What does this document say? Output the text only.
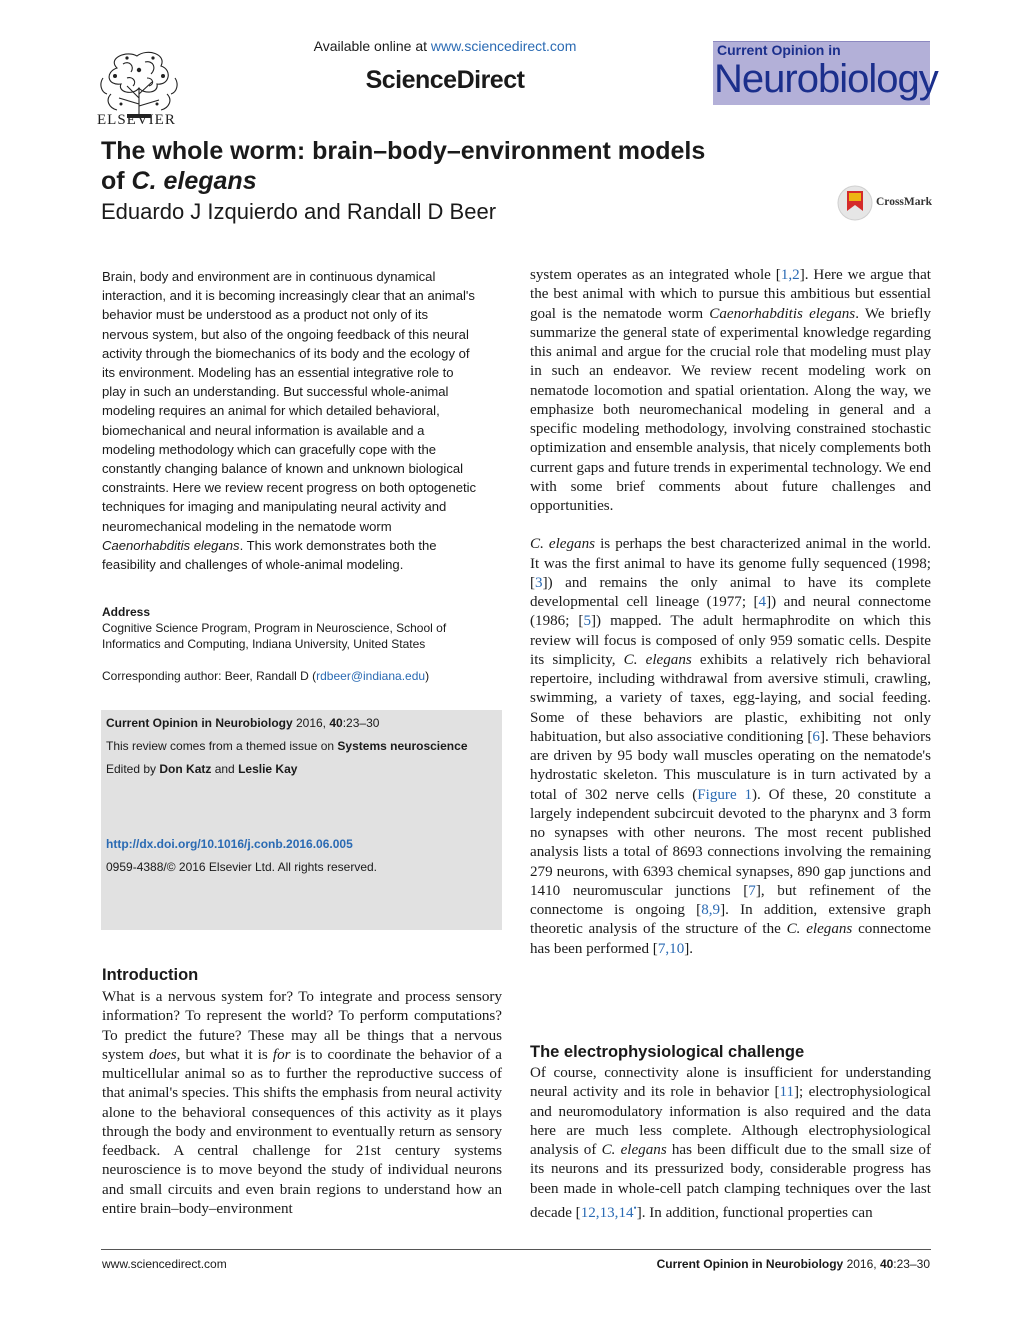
ELSEVIER
Available online at www.sciencedirect.com
ScienceDirect
Current Opinion in
Neurobiology
The whole worm: brain–body–environment models
of C. elegans
Eduardo J Izquierdo and Randall D Beer	CrossMark
Brain, body and environment are in continuous dynamical interaction, and it is becoming increasingly clear that an animal's behavior must be understood as a product not only of its nervous system, but also of the ongoing feedback of this neural activity through the biomechanics of its body and the ecology of its environment. Modeling has an essential integrative role to play in such an understanding. But successful whole-animal modeling requires an animal for which detailed behavioral, biomechanical and neural information is available and a modeling methodology which can gracefully cope with the constantly changing balance of known and unknown biological constraints. Here we review recent progress on both optogenetic techniques for imaging and manipulating neural activity and neuromechanical modeling in the nematode worm Caenorhabditis elegans. This work demonstrates both the feasibility and challenges of whole-animal modeling.
Address
Cognitive Science Program, Program in Neuroscience, School of Informatics and Computing, Indiana University, United States
Corresponding author: Beer, Randall D (rdbeer@indiana.edu)
Current Opinion in Neurobiology 2016, 40:23–30
This review comes from a themed issue on Systems neuroscience
Edited by Don Katz and Leslie Kay
http://dx.doi.org/10.1016/j.conb.2016.06.005
0959-4388/© 2016 Elsevier Ltd. All rights reserved.
Introduction
What is a nervous system for? To integrate and process sensory information? To represent the world? To perform computations? To predict the future? These may all be things that a nervous system does, but what it is for is to coordinate the behavior of a multicellular animal so as to further the reproductive success of that animal's species. This shifts the emphasis from neural activity alone to the behavioral consequences of this activity as it plays through the body and environment to eventually return as sensory feedback. A central challenge for 21st century systems neuroscience is to move beyond the study of individual neurons and small circuits and even brain regions to understand how an entire brain–body–environment

system operates as an integrated whole [1,2]. Here we argue that the best animal with which to pursue this ambitious but essential goal is the nematode worm Caenorhabditis elegans. We briefly summarize the general state of experimental knowledge regarding this animal and argue for the crucial role that modeling must play in such an endeavor. We review recent modeling work on nematode locomotion and spatial orientation. Along the way, we emphasize both neuromechanical modeling in general and a specific modeling methodology, involving constrained stochastic optimization and ensemble analysis, that nicely complements both current gaps and future trends in experimental technology. We end with some brief comments about future challenges and opportunities.

C. elegans is perhaps the best characterized animal in the world. It was the first animal to have its genome fully sequenced (1998; [3]) and remains the only animal to have its complete developmental cell lineage (1977; [4]) and neural connectome (1986; [5]) mapped. The adult hermaphrodite on which this review will focus is composed of only 959 somatic cells. Despite its simplicity, C. elegans exhibits a relatively rich behavioral repertoire, including withdrawal from aversive stimuli, crawling, swimming, a variety of taxes, egg-laying, and social feeding. Some of these behaviors are plastic, exhibiting not only habituation, but also associative conditioning [6]. These behaviors are driven by 95 body wall muscles operating on the nematode's hydrostatic skeleton. This musculature is in turn activated by a total of 302 nerve cells (Figure 1). Of these, 20 constitute a largely independent subcircuit devoted to the pharynx and 3 form no synapses with other neurons. The most recent published analysis lists a total of 8693 connections involving the remaining 279 neurons, with 6393 chemical synapses, 890 gap junctions and 1410 neuromuscular junctions [7], but refinement of the connectome is ongoing [8,9]. In addition, extensive graph theoretic analysis of the structure of the C. elegans connectome has been performed [7,10].

The electrophysiological challenge
Of course, connectivity alone is insufficient for understanding neural activity and its role in behavior [11]; electrophysiological and neuromodulatory information is also required and the data here are much less complete. Although electrophysiological analysis of C. elegans has been difficult due to the small size of its neurons and its pressurized body, considerable progress has been made in whole-cell patch clamping techniques over the last decade [12,13,14•]. In addition, functional properties can
www.sciencedirect.com	Current Opinion in Neurobiology 2016, 40:23–30
